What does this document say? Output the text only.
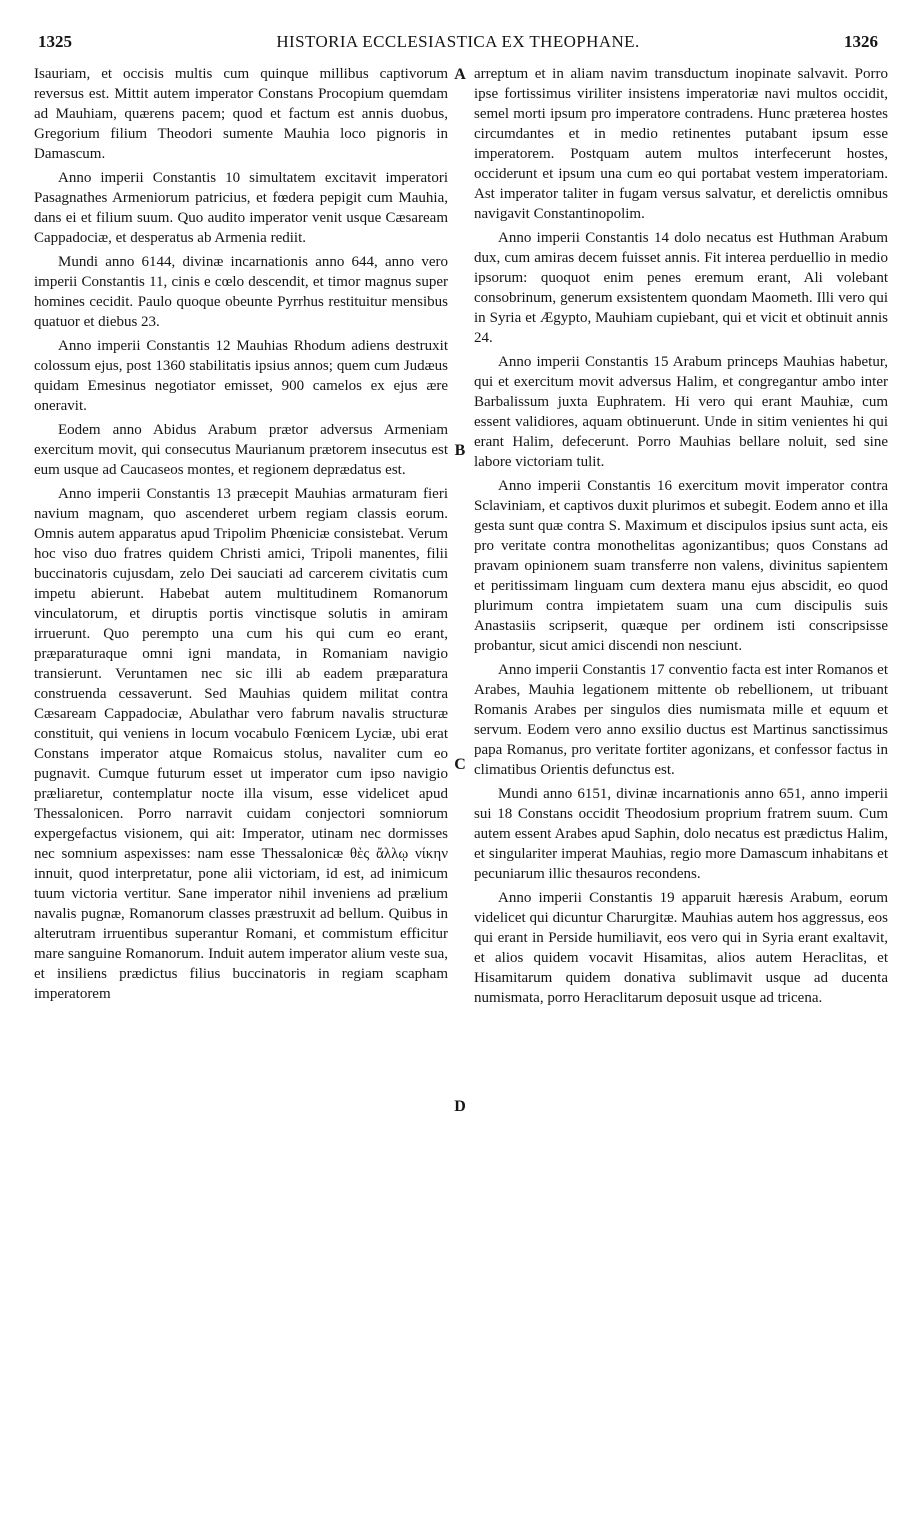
1325	HISTORIA ECCLESIASTICA EX THEOPHANE.	1326

Isauriam, et occisis multis cum quinque millibus captivorum reversus est. Mittit autem imperator Constans Procopium quemdam ad Mauhiam, quærens pacem; quod et factum est annis duobus, Gregorium filium Theodori sumente Mauhia loco pignoris in Damascum.

Anno imperii Constantis 10 simultatem excitavit imperatori Pasagnathes Armeniorum patricius, et fœdera pepigit cum Mauhia, dans ei et filium suum. Quo audito imperator venit usque Cæsaream Cappadociæ, et desperatus ab Armenia rediit.

Mundi anno 6144, divinæ incarnationis anno 644, anno vero imperii Constantis 11, cinis e cœlo descendit, et timor magnus super homines cecidit. Paulo quoque obeunte Pyrrhus restituitur mensibus quatuor et diebus 23.

Anno imperii Constantis 12 Mauhias Rhodum adiens destruxit colossum ejus, post 1360 stabilitatis ipsius annos; quem cum Judæus quidam Emesinus negotiator emisset, 900 camelos ex ejus ære oneravit.

Eodem anno Abidus Arabum prætor adversus Armeniam exercitum movit, qui consecutus Maurianum prætorem insecutus est eum usque ad Caucaseos montes, et regionem deprædatus est.

Anno imperii Constantis 13 præcepit Mauhias armaturam fieri navium magnam, quo ascenderet urbem regiam classis eorum. Omnis autem apparatus apud Tripolim Phœniciæ consistebat. Verum hoc viso duo fratres quidem Christi amici, Tripoli manentes, filii buccinatoris cujusdam, zelo Dei sauciati ad carcerem civitatis cum impetu abierunt. Habebat autem multitudinem Romanorum vinculatorum, et diruptis portis vinctisque solutis in amiram irruerunt. Quo perempto una cum his qui cum eo erant, præparaturaque omni igni mandata, in Romaniam navigio transierunt. Veruntamen nec sic illi ab eadem præparatura construenda cessaverunt. Sed Mauhias quidem militat contra Cæsaream Cappadociæ, Abulathar vero fabrum navalis structuræ constituit, qui veniens in locum vocabulo Fœnicem Lyciæ, ubi erat Constans imperator atque Romaicus stolus, navaliter cum eo pugnavit. Cumque futurum esset ut imperator cum ipso navigio præliaretur, contemplatur nocte illa visum, esse videlicet apud Thessalonicen. Porro narravit cuidam conjectori somniorum expergefactus visionem, qui ait: Imperator, utinam nec dormisses nec somnium aspexisses: nam esse Thessalonicæ θὲς ἄλλῳ νίκην innuit, quod interpretatur, pone alii victoriam, id est, ad inimicum tuum victoria vertitur. Sane imperator nihil inveniens ad prælium navalis pugnæ, Romanorum classes præstruxit ad bellum. Quibus in alterutram irruentibus superantur Romani, et commistum efficitur mare sanguine Romanorum. Induit autem imperator alium veste sua, et insiliens prædictus filius buccinatoris in regiam scapham imperatorem

A
B
C
D

arreptum et in aliam navim transductum inopinate salvavit. Porro ipse fortissimus viriliter insistens imperatoriæ navi multos occidit, semel morti ipsum pro imperatore contradens. Hunc præterea hostes circumdantes et in medio retinentes putabant ipsum esse imperatorem. Postquam autem multos interfecerunt hostes, occiderunt et ipsum una cum eo qui portabat vestem imperatoriam. Ast imperator taliter in fugam versus salvatur, et derelictis omnibus navigavit Constantinopolim.

Anno imperii Constantis 14 dolo necatus est Huthman Arabum dux, cum amiras decem fuisset annis. Fit interea perduellio in medio ipsorum: quoquot enim penes eremum erant, Ali volebant consobrinum, generum exsistentem quondam Maometh. Illi vero qui in Syria et Ægypto, Mauhiam cupiebant, qui et vicit et obtinuit annis 24.

Anno imperii Constantis 15 Arabum princeps Mauhias habetur, qui et exercitum movit adversus Halim, et congregantur ambo inter Barbalissum juxta Euphratem. Hi vero qui erant Mauhiæ, cum essent validiores, aquam obtinuerunt. Unde in sitim venientes hi qui erant Halim, defecerunt. Porro Mauhias bellare noluit, sed sine labore victoriam tulit.

Anno imperii Constantis 16 exercitum movit imperator contra Sclaviniam, et captivos duxit plurimos et subegit. Eodem anno et illa gesta sunt quæ contra S. Maximum et discipulos ipsius sunt acta, eis pro veritate contra monothelitas agonizantibus; quos Constans ad pravam opinionem suam transferre non valens, divinitus sapientem et peritissimam linguam cum dextera manu ejus abscidit, eo quod plurimum contra impietatem suam una cum discipulis suis Anastasiis scripserit, quæque per ordinem isti conscripsisse probantur, sicut amici discendi non nesciunt.

Anno imperii Constantis 17 conventio facta est inter Romanos et Arabes, Mauhia legationem mittente ob rebellionem, ut tribuant Romanis Arabes per singulos dies numismata mille et equum et servum. Eodem vero anno exsilio ductus est Martinus sanctissimus papa Romanus, pro veritate fortiter agonizans, et confessor factus in climatibus Orientis defunctus est.

Mundi anno 6151, divinæ incarnationis anno 651, anno imperii sui 18 Constans occidit Theodosium proprium fratrem suum. Cum autem essent Arabes apud Saphin, dolo necatus est prædictus Halim, et singulariter imperat Mauhias, regio more Damascum inhabitans et pecuniarum illic thesauros recondens.

Anno imperii Constantis 19 apparuit hæresis Arabum, eorum videlicet qui dicuntur Charurgitæ. Mauhias autem hos aggressus, eos qui erant in Perside humiliavit, eos vero qui in Syria erant exaltavit, et alios quidem vocavit Hisamitas, alios autem Heraclitas, et Hisamitarum quidem donativa sublimavit usque ad ducenta numismata, porro Heraclitarum deposuit usque ad tricena.
